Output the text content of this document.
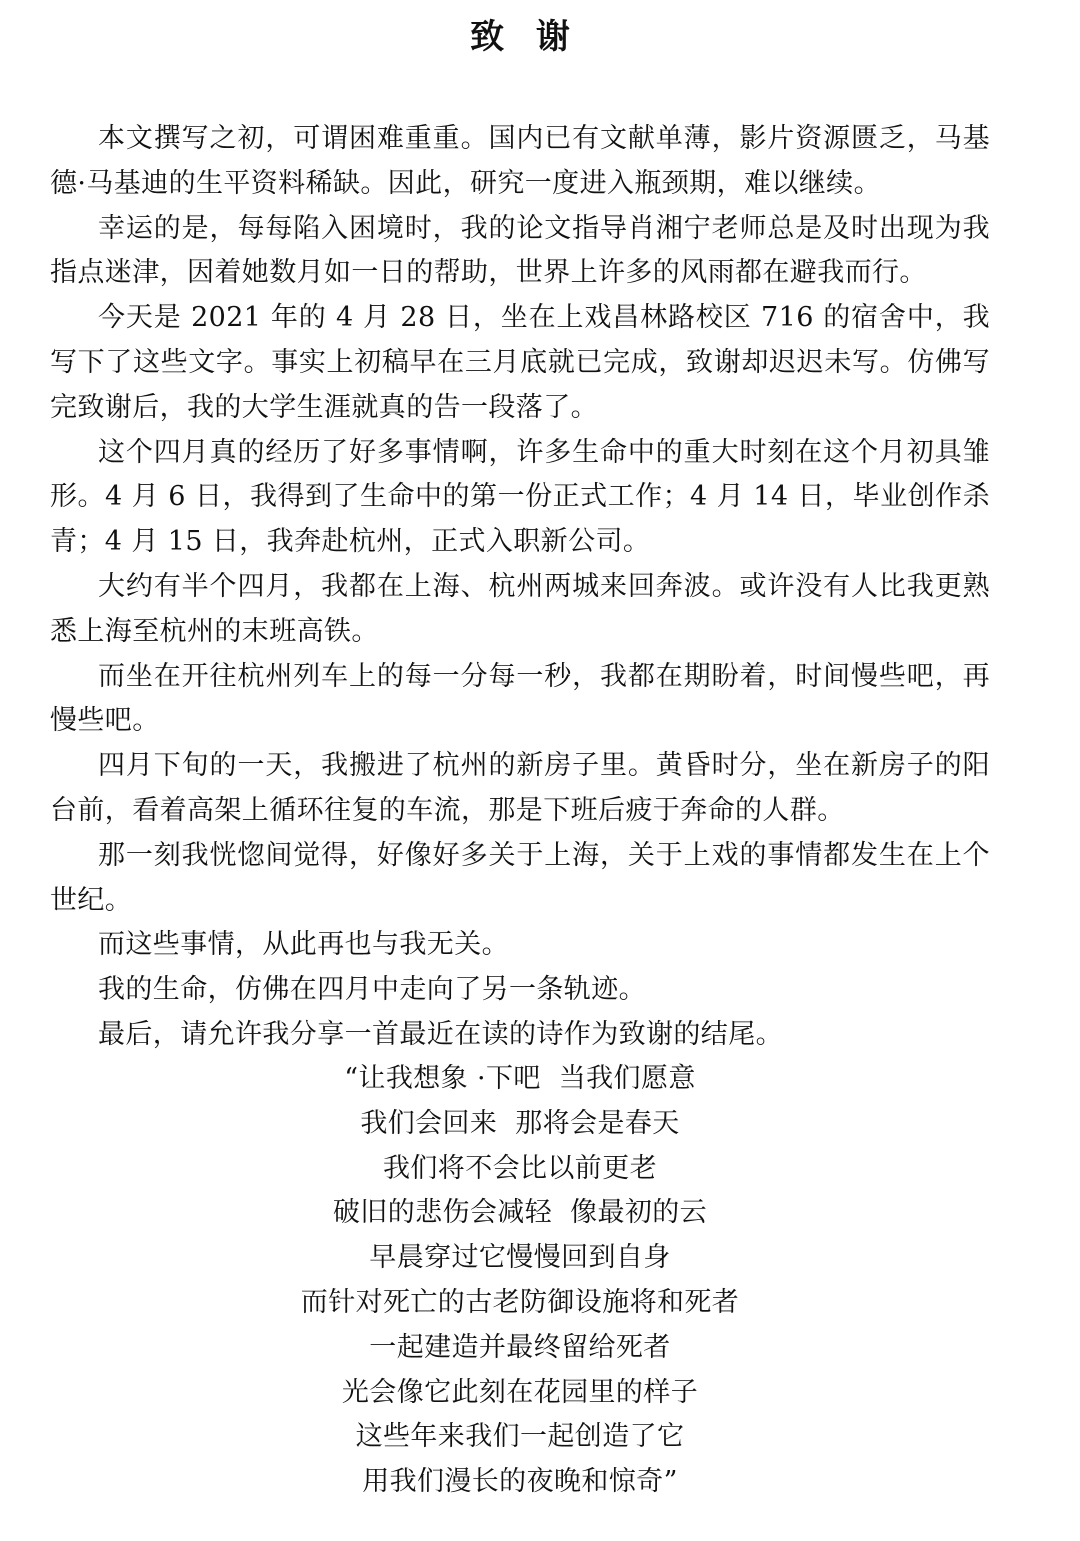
致 谢

本文撰写之初，可谓困难重重。国内已有文献单薄，影片资源匮乏，马基德·马基迪的生平资料稀缺。因此，研究一度进入瓶颈期，难以继续。

幸运的是，每每陷入困境时，我的论文指导肖湘宁老师总是及时出现为我指点迷津，因着她数月如一日的帮助，世界上许多的风雨都在避我而行。

今天是 2021 年的 4 月 28 日，坐在上戏昌林路校区 716 的宿舍中，我写下了这些文字。事实上初稿早在三月底就已完成，致谢却迟迟未写。仿佛写完致谢后，我的大学生涯就真的告一段落了。

这个四月真的经历了好多事情啊，许多生命中的重大时刻在这个月初具雏形。4 月 6 日，我得到了生命中的第一份正式工作；4 月 14 日，毕业创作杀青；4 月 15 日，我奔赴杭州，正式入职新公司。

大约有半个四月，我都在上海、杭州两城来回奔波。或许没有人比我更熟悉上海至杭州的末班高铁。

而坐在开往杭州列车上的每一分每一秒，我都在期盼着，时间慢些吧，再慢些吧。

四月下旬的一天，我搬进了杭州的新房子里。黄昏时分，坐在新房子的阳台前，看着高架上循环往复的车流，那是下班后疲于奔命的人群。

那一刻我恍惚间觉得，好像好多关于上海，关于上戏的事情都发生在上个世纪。

而这些事情，从此再也与我无关。

我的生命，仿佛在四月中走向了另一条轨迹。

最后，请允许我分享一首最近在读的诗作为致谢的结尾。

“让我想象 ·下吧  当我们愿意

我们会回来  那将会是春天

我们将不会比以前更老

破旧的悲伤会减轻  像最初的云

早晨穿过它慢慢回到自身

而针对死亡的古老防御设施将和死者

一起建造并最终留给死者

光会像它此刻在花园里的样子

这些年来我们一起创造了它

用我们漫长的夜晚和惊奇”
